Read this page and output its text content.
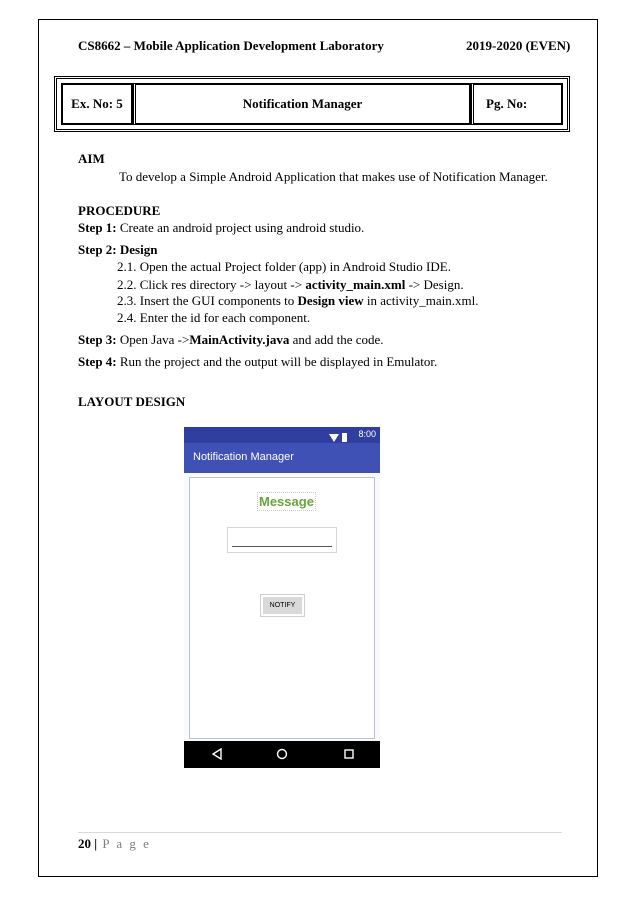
CS8662 – Mobile Application Development Laboratory	2019-2020 (EVEN)
Ex. No: 5	Notification Manager	Pg. No:
AIM
To develop a Simple Android Application that makes use of Notification Manager.
PROCEDURE
Step 1: Create an android project using android studio.
Step 2: Design
2.1. Open the actual Project folder (app) in Android Studio IDE.
2.2. Click res directory -> layout -> activity_main.xml -> Design.
2.3. Insert the GUI components to Design view in activity_main.xml.
2.4. Enter the id for each component.
Step 3: Open Java ->MainActivity.java and add the code.
Step 4: Run the project and the output will be displayed in Emulator.
LAYOUT DESIGN
8:00
Notification Manager
Message
NOTIFY
20 | P a g e
